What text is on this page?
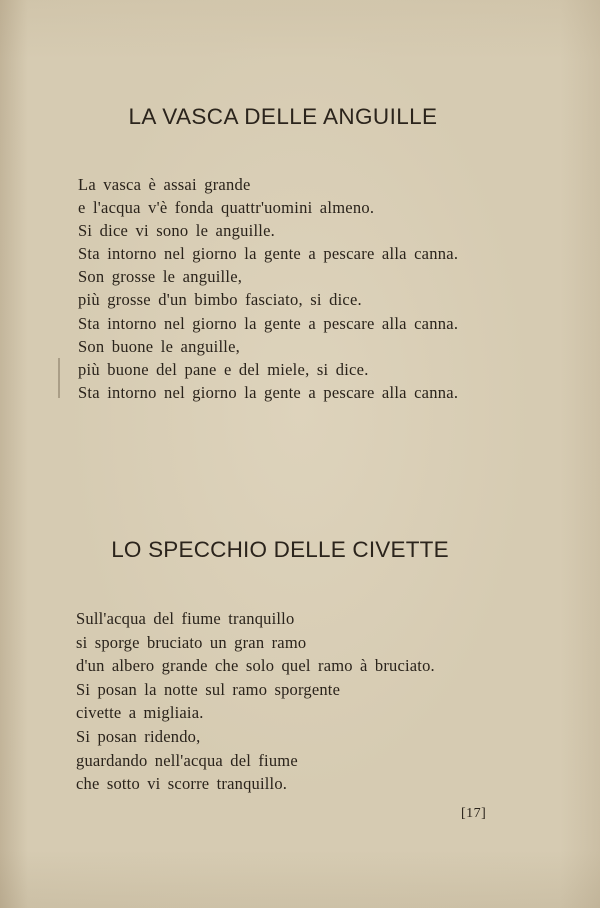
LA VASCA DELLE ANGUILLE
La vasca è assai grande
e l'acqua v'è fonda quattr'uomini almeno.
Si dice vi sono le anguille.
Sta intorno nel giorno la gente a pescare alla canna.
Son grosse le anguille,
più grosse d'un bimbo fasciato, si dice.
Sta intorno nel giorno la gente a pescare alla canna.
Son buone le anguille,
più buone del pane e del miele, si dice.
Sta intorno nel giorno la gente a pescare alla canna.
LO SPECCHIO DELLE CIVETTE
Sull'acqua del fiume tranquillo
si sporge bruciato un gran ramo
d'un albero grande che solo quel ramo à bruciato.
Si posan la notte sul ramo sporgente
civette a migliaia.
Si posan ridendo,
guardando nell'acqua del fiume
che sotto vi scorre tranquillo.
[17]
